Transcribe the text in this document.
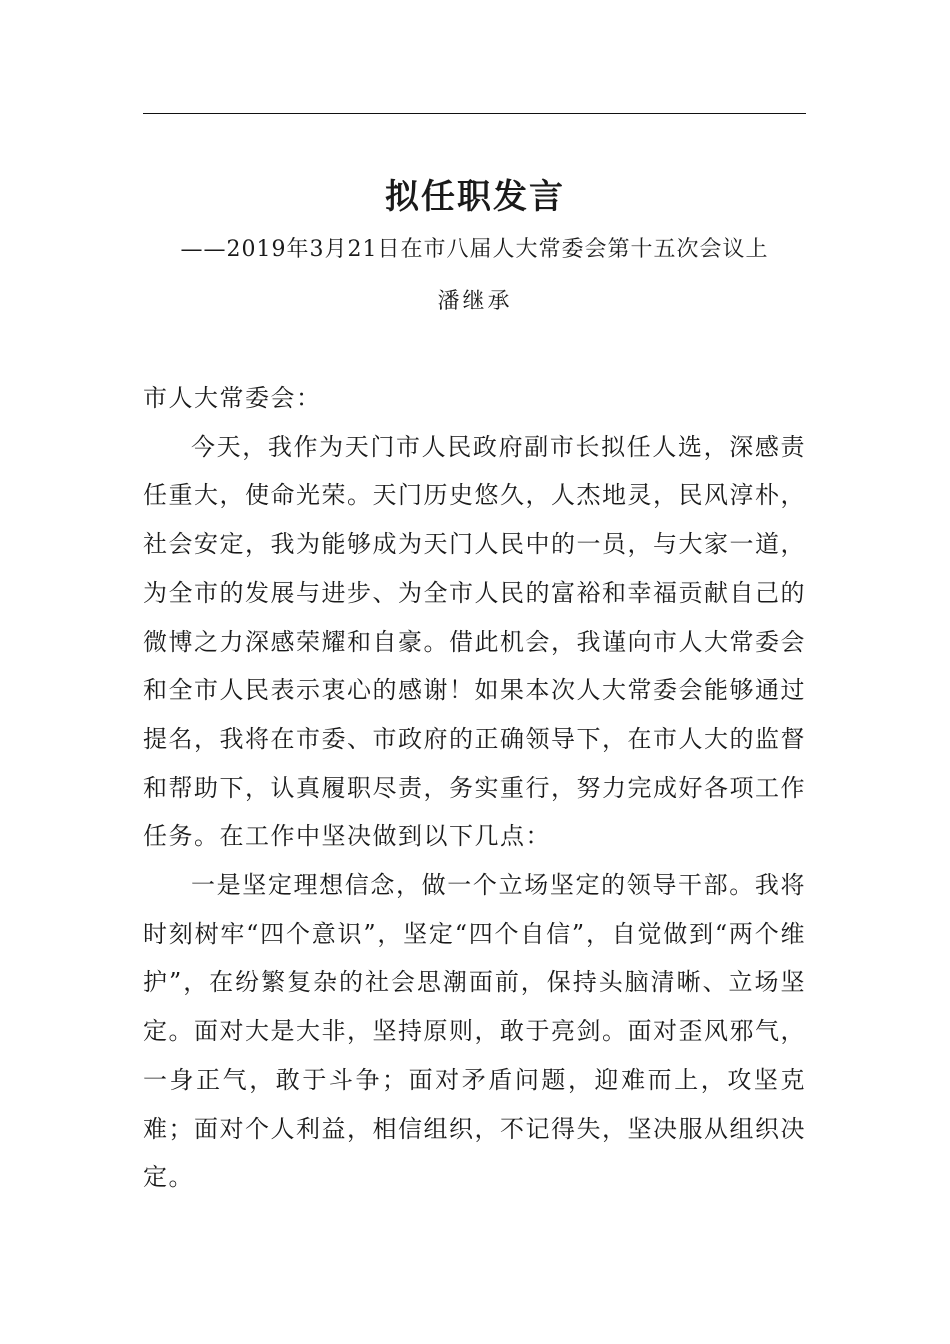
拟任职发言
——2019年3月21日在市八届人大常委会第十五次会议上
潘继承

市人大常委会：

今天，我作为天门市人民政府副市长拟任人选，深感责任重大，使命光荣。天门历史悠久，人杰地灵，民风淳朴，社会安定，我为能够成为天门人民中的一员，与大家一道，为全市的发展与进步、为全市人民的富裕和幸福贡献自己的微博之力深感荣耀和自豪。借此机会，我谨向市人大常委会和全市人民表示衷心的感谢！如果本次人大常委会能够通过提名，我将在市委、市政府的正确领导下，在市人大的监督和帮助下，认真履职尽责，务实重行，努力完成好各项工作任务。在工作中坚决做到以下几点：

一是坚定理想信念，做一个立场坚定的领导干部。我将时刻树牢“四个意识”，坚定“四个自信”，自觉做到“两个维护”，在纷繁复杂的社会思潮面前，保持头脑清晰、立场坚定。面对大是大非，坚持原则，敢于亮剑。面对歪风邪气，一身正气，敢于斗争；面对矛盾问题，迎难而上，攻坚克难；面对个人利益，相信组织，不记得失，坚决服从组织决定。
